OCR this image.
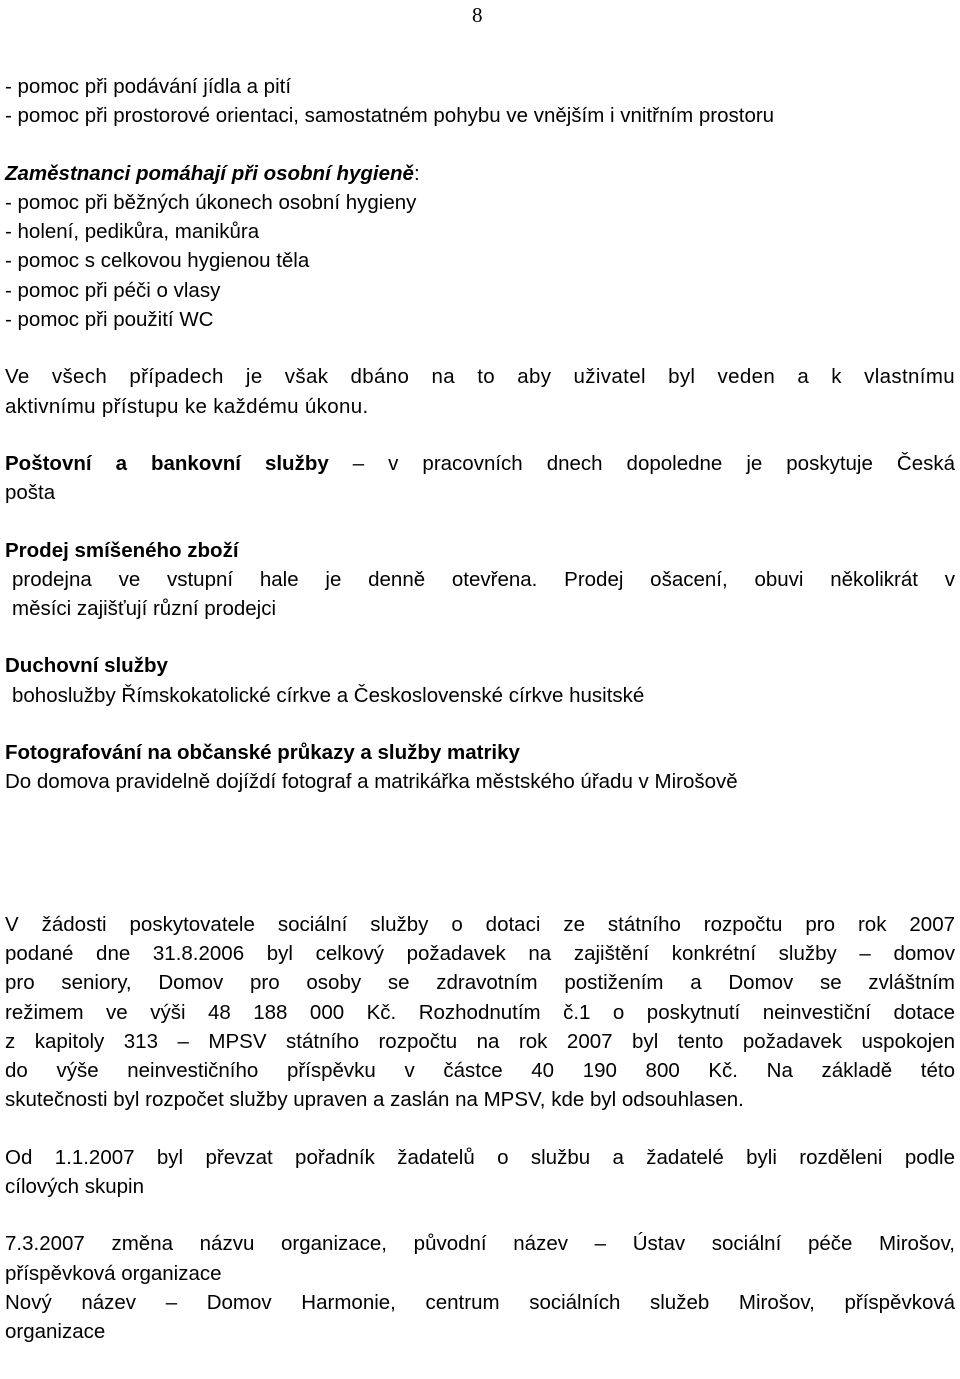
8
- pomoc při podávání jídla a pití
- pomoc při prostorové orientaci, samostatném pohybu ve vnějším i vnitřním prostoru
Zaměstnanci pomáhají při osobní hygieně:
- pomoc při běžných úkonech osobní hygieny
- holení, pedikůra, manikůra
- pomoc s celkovou hygienou těla
- pomoc při péči o vlasy
- pomoc při použití WC
Ve všech případech je však dbáno na to aby uživatel byl veden a k vlastnímu
aktivnímu přístupu ke každému úkonu.
Poštovní a bankovní služby – v pracovních dnech dopoledne je poskytuje Česká
pošta
Prodej smíšeného zboží
prodejna ve vstupní hale je denně otevřena. Prodej ošacení, obuvi několikrát v
měsíci zajišťují různí prodejci
Duchovní služby
bohoslužby Římskokatolické církve a Československé církve husitské
Fotografování na občanské průkazy a služby matriky
Do domova pravidelně dojíždí fotograf a matrikářka městského úřadu v Mirošově
V žádosti poskytovatele sociální služby o dotaci ze státního rozpočtu pro rok 2007
podané dne 31.8.2006 byl celkový požadavek na zajištění konkrétní služby – domov
pro seniory, Domov pro osoby se zdravotním postižením a Domov se zvláštním
režimem ve výši 48 188 000 Kč. Rozhodnutím č.1 o poskytnutí neinvestiční dotace
z kapitoly 313 – MPSV státního rozpočtu na rok 2007 byl tento požadavek uspokojen
do výše neinvestičního příspěvku v částce 40 190 800 Kč. Na základě této
skutečnosti byl rozpočet služby upraven a zaslán na MPSV, kde byl odsouhlasen.
Od 1.1.2007 byl převzat pořadník žadatelů o službu a žadatelé byli rozděleni podle
cílových skupin
7.3.2007 změna názvu organizace, původní název – Ústav sociální péče Mirošov,
příspěvková organizace
Nový název – Domov Harmonie, centrum sociálních služeb Mirošov, příspěvková
organizace
